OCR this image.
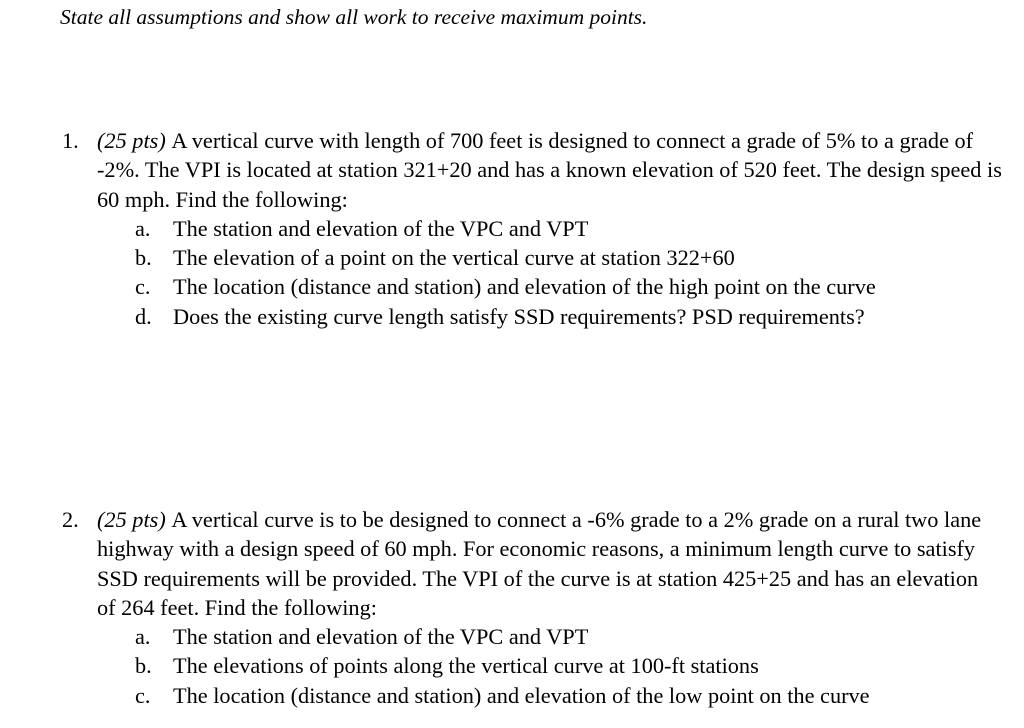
State all assumptions and show all work to receive maximum points.
1. (25 pts) A vertical curve with length of 700 feet is designed to connect a grade of 5% to a grade of -2%. The VPI is located at station 321+20 and has a known elevation of 520 feet. The design speed is 60 mph. Find the following:
a. The station and elevation of the VPC and VPT
b. The elevation of a point on the vertical curve at station 322+60
c. The location (distance and station) and elevation of the high point on the curve
d. Does the existing curve length satisfy SSD requirements? PSD requirements?
2. (25 pts) A vertical curve is to be designed to connect a -6% grade to a 2% grade on a rural two lane highway with a design speed of 60 mph. For economic reasons, a minimum length curve to satisfy SSD requirements will be provided. The VPI of the curve is at station 425+25 and has an elevation of 264 feet. Find the following:
a. The station and elevation of the VPC and VPT
b. The elevations of points along the vertical curve at 100-ft stations
c. The location (distance and station) and elevation of the low point on the curve
